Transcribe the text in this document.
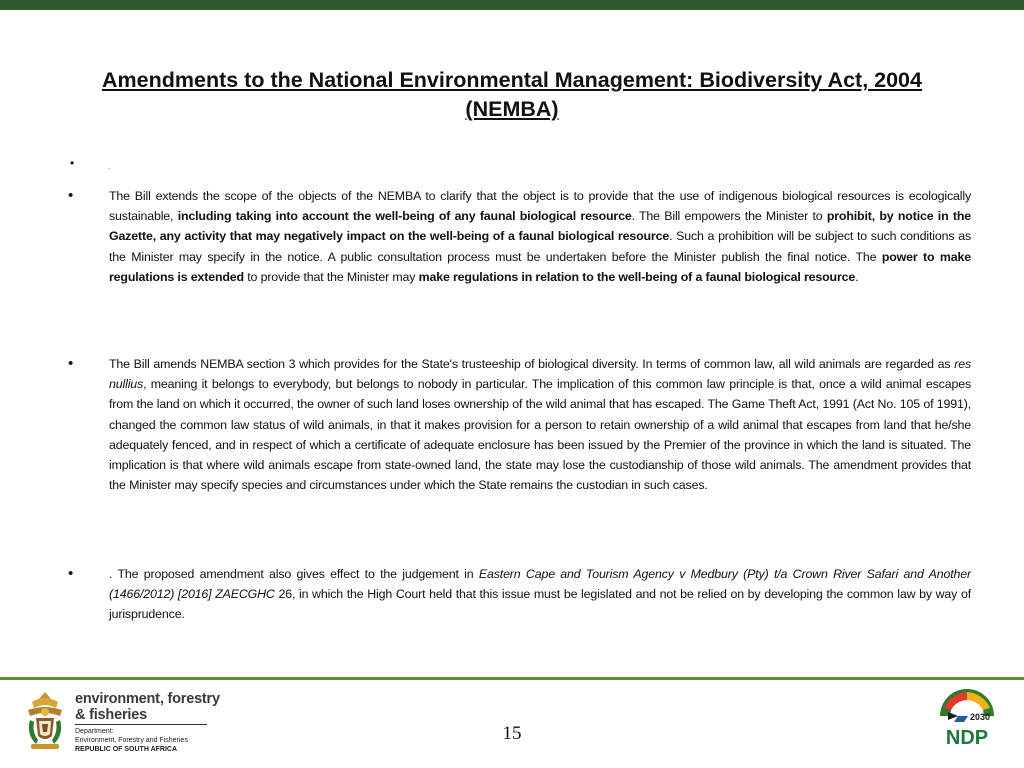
Amendments to the National Environmental Management: Biodiversity Act, 2004 (NEMBA)
•	.
•	The Bill extends the scope of the objects of the NEMBA to clarify that the object is to provide that the use of indigenous biological resources is ecologically sustainable, including taking into account the well-being of any faunal biological resource. The Bill empowers the Minister to prohibit, by notice in the Gazette, any activity that may negatively impact on the well-being of a faunal biological resource. Such a prohibition will be subject to such conditions as the Minister may specify in the notice. A public consultation process must be undertaken before the Minister publish the final notice. The power to make regulations is extended to provide that the Minister may make regulations in relation to the well-being of a faunal biological resource.
•	The Bill amends NEMBA section 3 which provides for the State's trusteeship of biological diversity. In terms of common law, all wild animals are regarded as res nullius, meaning it belongs to everybody, but belongs to nobody in particular. The implication of this common law principle is that, once a wild animal escapes from the land on which it occurred, the owner of such land loses ownership of the wild animal that has escaped. The Game Theft Act, 1991 (Act No. 105 of 1991), changed the common law status of wild animals, in that it makes provision for a person to retain ownership of a wild animal that escapes from land that he/she adequately fenced, and in respect of which a certificate of adequate enclosure has been issued by the Premier of the province in which the land is situated. The implication is that where wild animals escape from state-owned land, the state may lose the custodianship of those wild animals. The amendment provides that the Minister may specify species and circumstances under which the State remains the custodian in such cases.
•	. The proposed amendment also gives effect to the judgement in Eastern Cape and Tourism Agency v Medbury (Pty) t/a Crown River Safari and Another (1466/2012) [2016] ZAECGHC 26, in which the High Court held that this issue must be legislated and not be relied on by developing the common law by way of jurisprudence.
environment, forestry
& fisheries
Department:
Environment, Forestry and Fisheries
REPUBLIC OF SOUTH AFRICA
15
2030
NDP
